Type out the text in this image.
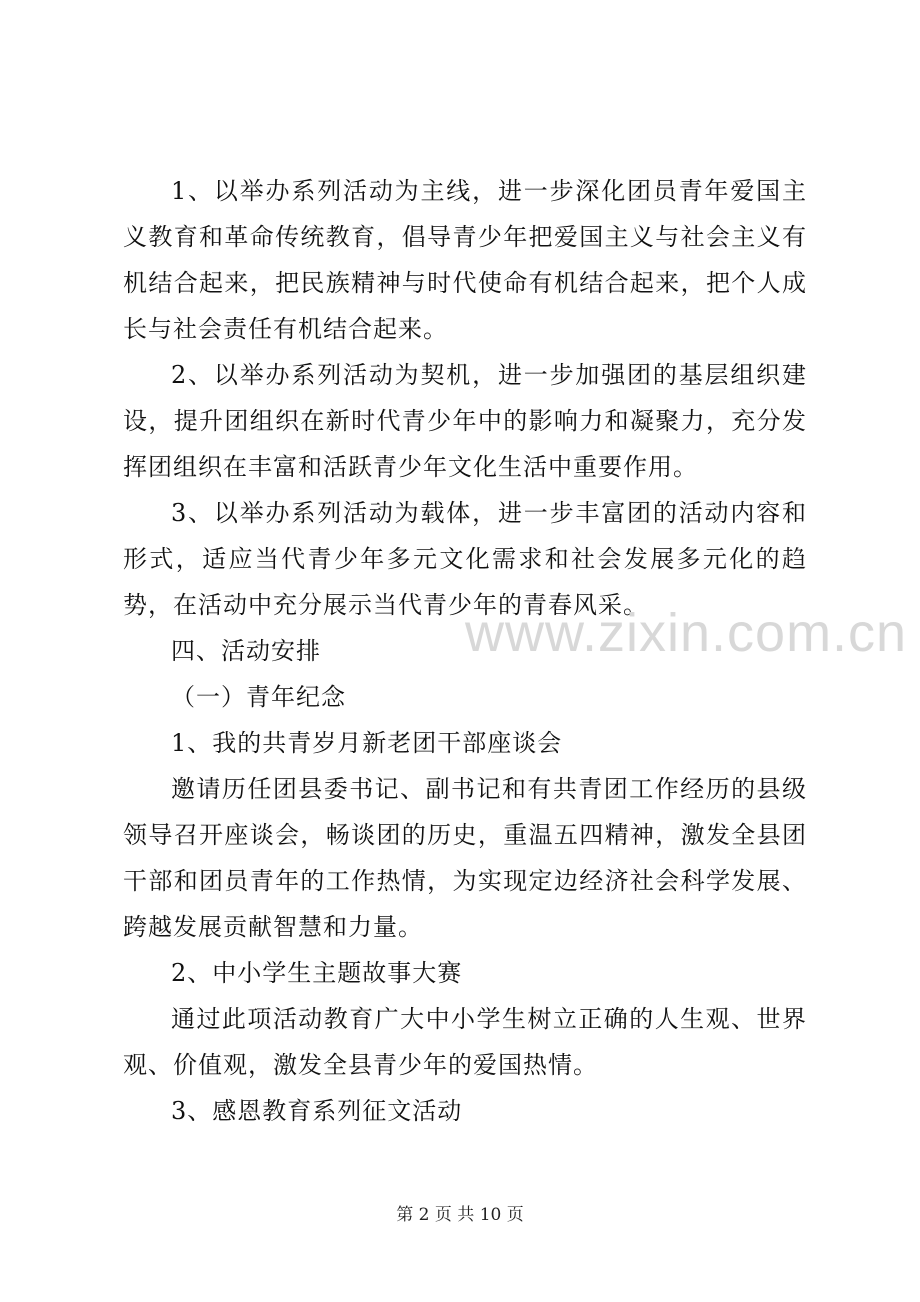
1、以举办系列活动为主线，进一步深化团员青年爱国主义教育和革命传统教育，倡导青少年把爱国主义与社会主义有机结合起来，把民族精神与时代使命有机结合起来，把个人成长与社会责任有机结合起来。

2、以举办系列活动为契机，进一步加强团的基层组织建设，提升团组织在新时代青少年中的影响力和凝聚力，充分发挥团组织在丰富和活跃青少年文化生活中重要作用。

3、以举办系列活动为载体，进一步丰富团的活动内容和形式，适应当代青少年多元文化需求和社会发展多元化的趋势，在活动中充分展示当代青少年的青春风采。

四、活动安排

（一）青年纪念

1、我的共青岁月新老团干部座谈会

邀请历任团县委书记、副书记和有共青团工作经历的县级领导召开座谈会，畅谈团的历史，重温五四精神，激发全县团干部和团员青年的工作热情，为实现定边经济社会科学发展、跨越发展贡献智慧和力量。

2、中小学生主题故事大赛

通过此项活动教育广大中小学生树立正确的人生观、世界观、价值观，激发全县青少年的爱国热情。

3、感恩教育系列征文活动

www.zixin.com.cn
第 2 页 共 10 页
